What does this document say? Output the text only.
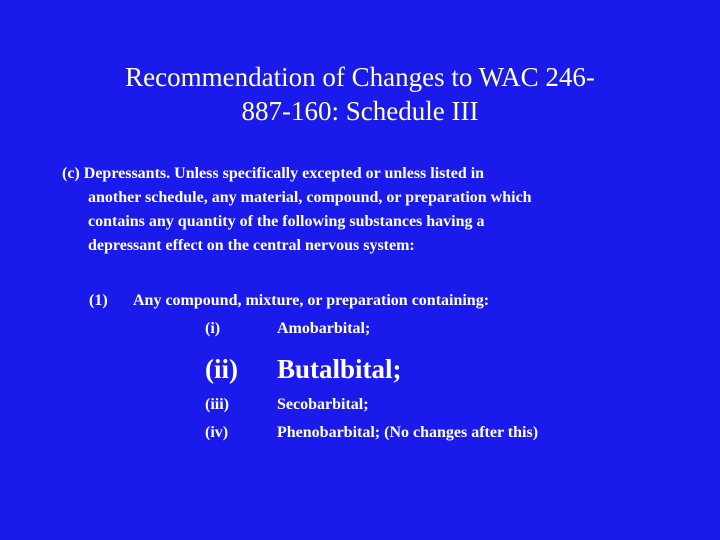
Recommendation of Changes to WAC 246-
887-160: Schedule III
(c) Depressants. Unless specifically excepted or unless listed in
another schedule, any material, compound, or preparation which
contains any quantity of the following substances having a
depressant effect on the central nervous system:
(1) Any compound, mixture, or preparation containing:
(i)	Amobarbital;
(ii) Butalbital;
(iii)	Secobarbital;
(iv)	Phenobarbital; (No changes after this)
